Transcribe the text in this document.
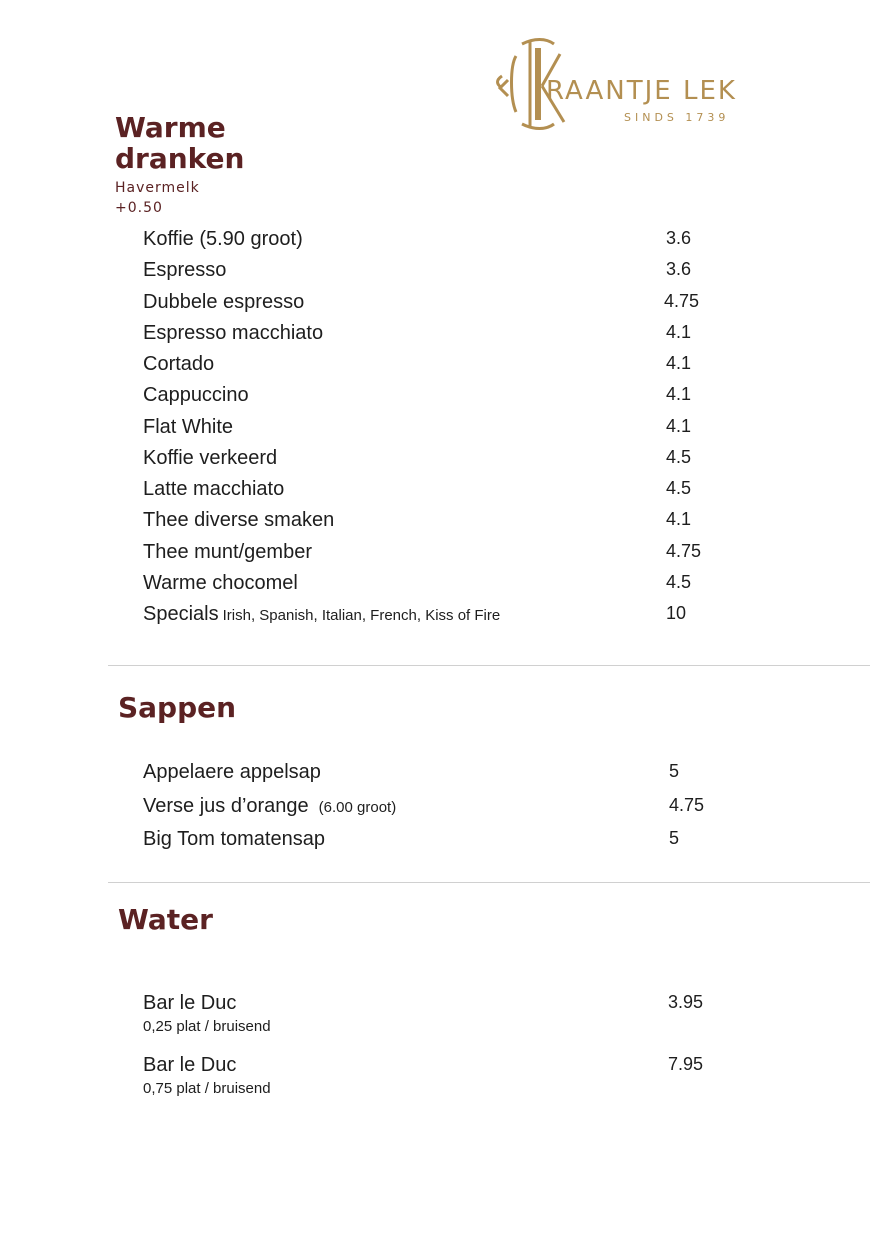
RAANTJE LEK
SINDS 1739
Warme
dranken
Havermelk
+0.50
Koffie (5.90 groot)	3.6
Espresso	3.6
Dubbele espresso	4.75
Espresso macchiato	4.1
Cortado	4.1
Cappuccino	4.1
Flat White	4.1
Koffie verkeerd	4.5
Latte macchiato	4.5
Thee diverse smaken	4.1
Thee munt/gember	4.75
Warme chocomel	4.5
Specials Irish, Spanish, Italian, French, Kiss of Fire	10
Sappen
Appelaere appelsap	5
Verse jus d’orange (6.00 groot)	4.75
Big Tom tomatensap	5
Water
Bar le Duc	3.95
0,25 plat / bruisend
Bar le Duc	7.95
0,75 plat / bruisend
